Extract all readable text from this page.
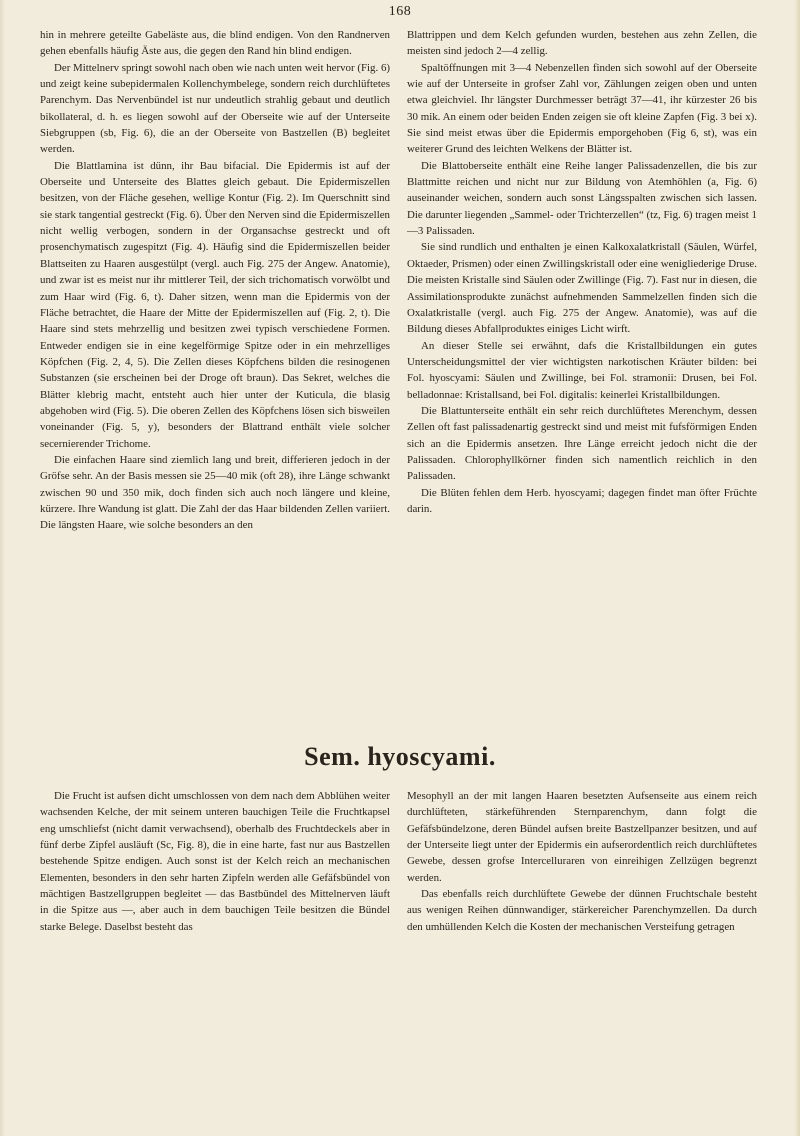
168

hin in mehrere geteilte Gabeläste aus, die blind endigen. Von den Randnerven gehen ebenfalls häufig Äste aus, die gegen den Rand hin blind endigen.

Der Mittelnerv springt sowohl nach oben wie nach unten weit hervor (Fig. 6) und zeigt keine subepidermalen Kollenchymbelege, sondern reich durchlüftetes Parenchym. Das Nervenbündel ist nur undeutlich strahlig gebaut und deutlich bikollateral, d. h. es liegen sowohl auf der Oberseite wie auf der Unterseite Siebgruppen (sb, Fig. 6), die an der Oberseite von Bastzellen (B) begleitet werden.

Die Blattlamina ist dünn, ihr Bau bifacial. Die Epidermis ist auf der Oberseite und Unterseite des Blattes gleich gebaut. Die Epidermiszellen besitzen, von der Fläche gesehen, wellige Kontur (Fig. 2). Im Querschnitt sind sie stark tangential gestreckt (Fig. 6). Über den Nerven sind die Epidermiszellen nicht wellig verbogen, sondern in der Organsachse gestreckt und oft prosenchymatisch zugespitzt (Fig. 4). Häufig sind die Epidermiszellen beider Blattseiten zu Haaren ausgestülpt (vergl. auch Fig. 275 der Angew. Anatomie), und zwar ist es meist nur ihr mittlerer Teil, der sich trichomatisch vorwölbt und zum Haar wird (Fig. 6, t). Daher sitzen, wenn man die Epidermis von der Fläche betrachtet, die Haare der Mitte der Epidermiszellen auf (Fig. 2, t). Die Haare sind stets mehrzellig und besitzen zwei typisch verschiedene Formen. Entweder endigen sie in eine kegelförmige Spitze oder in ein mehrzelliges Köpfchen (Fig. 2, 4, 5). Die Zellen dieses Köpfchens bilden die resinogenen Substanzen (sie erscheinen bei der Droge oft braun). Das Sekret, welches die Blätter klebrig macht, entsteht auch hier unter der Kuticula, die blasig abgehoben wird (Fig. 5). Die oberen Zellen des Köpfchens lösen sich bisweilen voneinander (Fig. 5, y), besonders der Blattrand enthält viele solcher secernierender Trichome.

Die einfachen Haare sind ziemlich lang und breit, differieren jedoch in der Gröfse sehr. An der Basis messen sie 25—40 mik (oft 28), ihre Länge schwankt zwischen 90 und 350 mik, doch finden sich auch noch längere und kleine, kürzere. Ihre Wandung ist glatt. Die Zahl der das Haar bildenden Zellen variiert. Die längsten Haare, wie solche besonders an den

Blattrippen und dem Kelch gefunden wurden, bestehen aus zehn Zellen, die meisten sind jedoch 2—4 zellig.

Spaltöffnungen mit 3—4 Nebenzellen finden sich sowohl auf der Oberseite wie auf der Unterseite in grofser Zahl vor, Zählungen zeigen oben und unten etwa gleichviel. Ihr längster Durchmesser beträgt 37—41, ihr kürzester 26 bis 30 mik. An einem oder beiden Enden zeigen sie oft kleine Zapfen (Fig. 3 bei x). Sie sind meist etwas über die Epidermis emporgehoben (Fig 6, st), was ein weiterer Grund des leichten Welkens der Blätter ist.

Die Blattoberseite enthält eine Reihe langer Palissadenzellen, die bis zur Blattmitte reichen und nicht nur zur Bildung von Atemhöhlen (a, Fig. 6) auseinander weichen, sondern auch sonst Längsspalten zwischen sich lassen. Die darunter liegenden „Sammel- oder Trichterzellen“ (tz, Fig. 6) tragen meist 1—3 Palissaden.

Sie sind rundlich und enthalten je einen Kalkoxalatkristall (Säulen, Würfel, Oktaeder, Prismen) oder einen Zwillingskristall oder eine wenigliederige Druse. Die meisten Kristalle sind Säulen oder Zwillinge (Fig. 7). Fast nur in diesen, die Assimilationsprodukte zunächst aufnehmenden Sammelzellen finden sich die Oxalatkristalle (vergl. auch Fig. 275 der Angew. Anatomie), was auf die Bildung dieses Abfallproduktes einiges Licht wirft.

An dieser Stelle sei erwähnt, dafs die Kristallbildungen ein gutes Unterscheidungsmittel der vier wichtigsten narkotischen Kräuter bilden: bei Fol. hyoscyami: Säulen und Zwillinge, bei Fol. stramonii: Drusen, bei Fol. belladonnae: Kristallsand, bei Fol. digitalis: keinerlei Kristallbildungen.

Die Blattunterseite enthält ein sehr reich durchlüftetes Merenchym, dessen Zellen oft fast palissadenartig gestreckt sind und meist mit fufsförmigen Enden sich an die Epidermis ansetzen. Ihre Länge erreicht jedoch nicht die der Palissaden. Chlorophyllkörner finden sich namentlich reichlich in den Palissaden.

Die Blüten fehlen dem Herb. hyoscyami; dagegen findet man öfter Früchte darin.

Sem. hyoscyami.

Die Frucht ist aufsen dicht umschlossen von dem nach dem Abblühen weiter wachsenden Kelche, der mit seinem unteren bauchigen Teile die Fruchtkapsel eng umschliefst (nicht damit verwachsend), oberhalb des Fruchtdeckels aber in fünf derbe Zipfel ausläuft (Sc, Fig. 8), die in eine harte, fast nur aus Bastzellen bestehende Spitze endigen. Auch sonst ist der Kelch reich an mechanischen Elementen, besonders in den sehr harten Zipfeln werden alle Gefäfsbündel von mächtigen Bastzellgruppen begleitet — das Bastbündel des Mittelnerven läuft in die Spitze aus —, aber auch in dem bauchigen Teile besitzen die Bündel starke Belege. Daselbst besteht das

Mesophyll an der mit langen Haaren besetzten Aufsenseite aus einem reich durchlüfteten, stärkeführenden Sternparenchym, dann folgt die Gefäfsbündelzone, deren Bündel aufsen breite Bastzellpanzer besitzen, und auf der Unterseite liegt unter der Epidermis ein aufserordentlich reich durchlüftetes Gewebe, dessen grofse Intercelluraren von einreihigen Zellzügen begrenzt werden.

Das ebenfalls reich durchlüftete Gewebe der dünnen Fruchtschale besteht aus wenigen Reihen dünnwandiger, stärkereicher Parenchymzellen. Da durch den umhüllenden Kelch die Kosten der mechanischen Versteifung getragen
